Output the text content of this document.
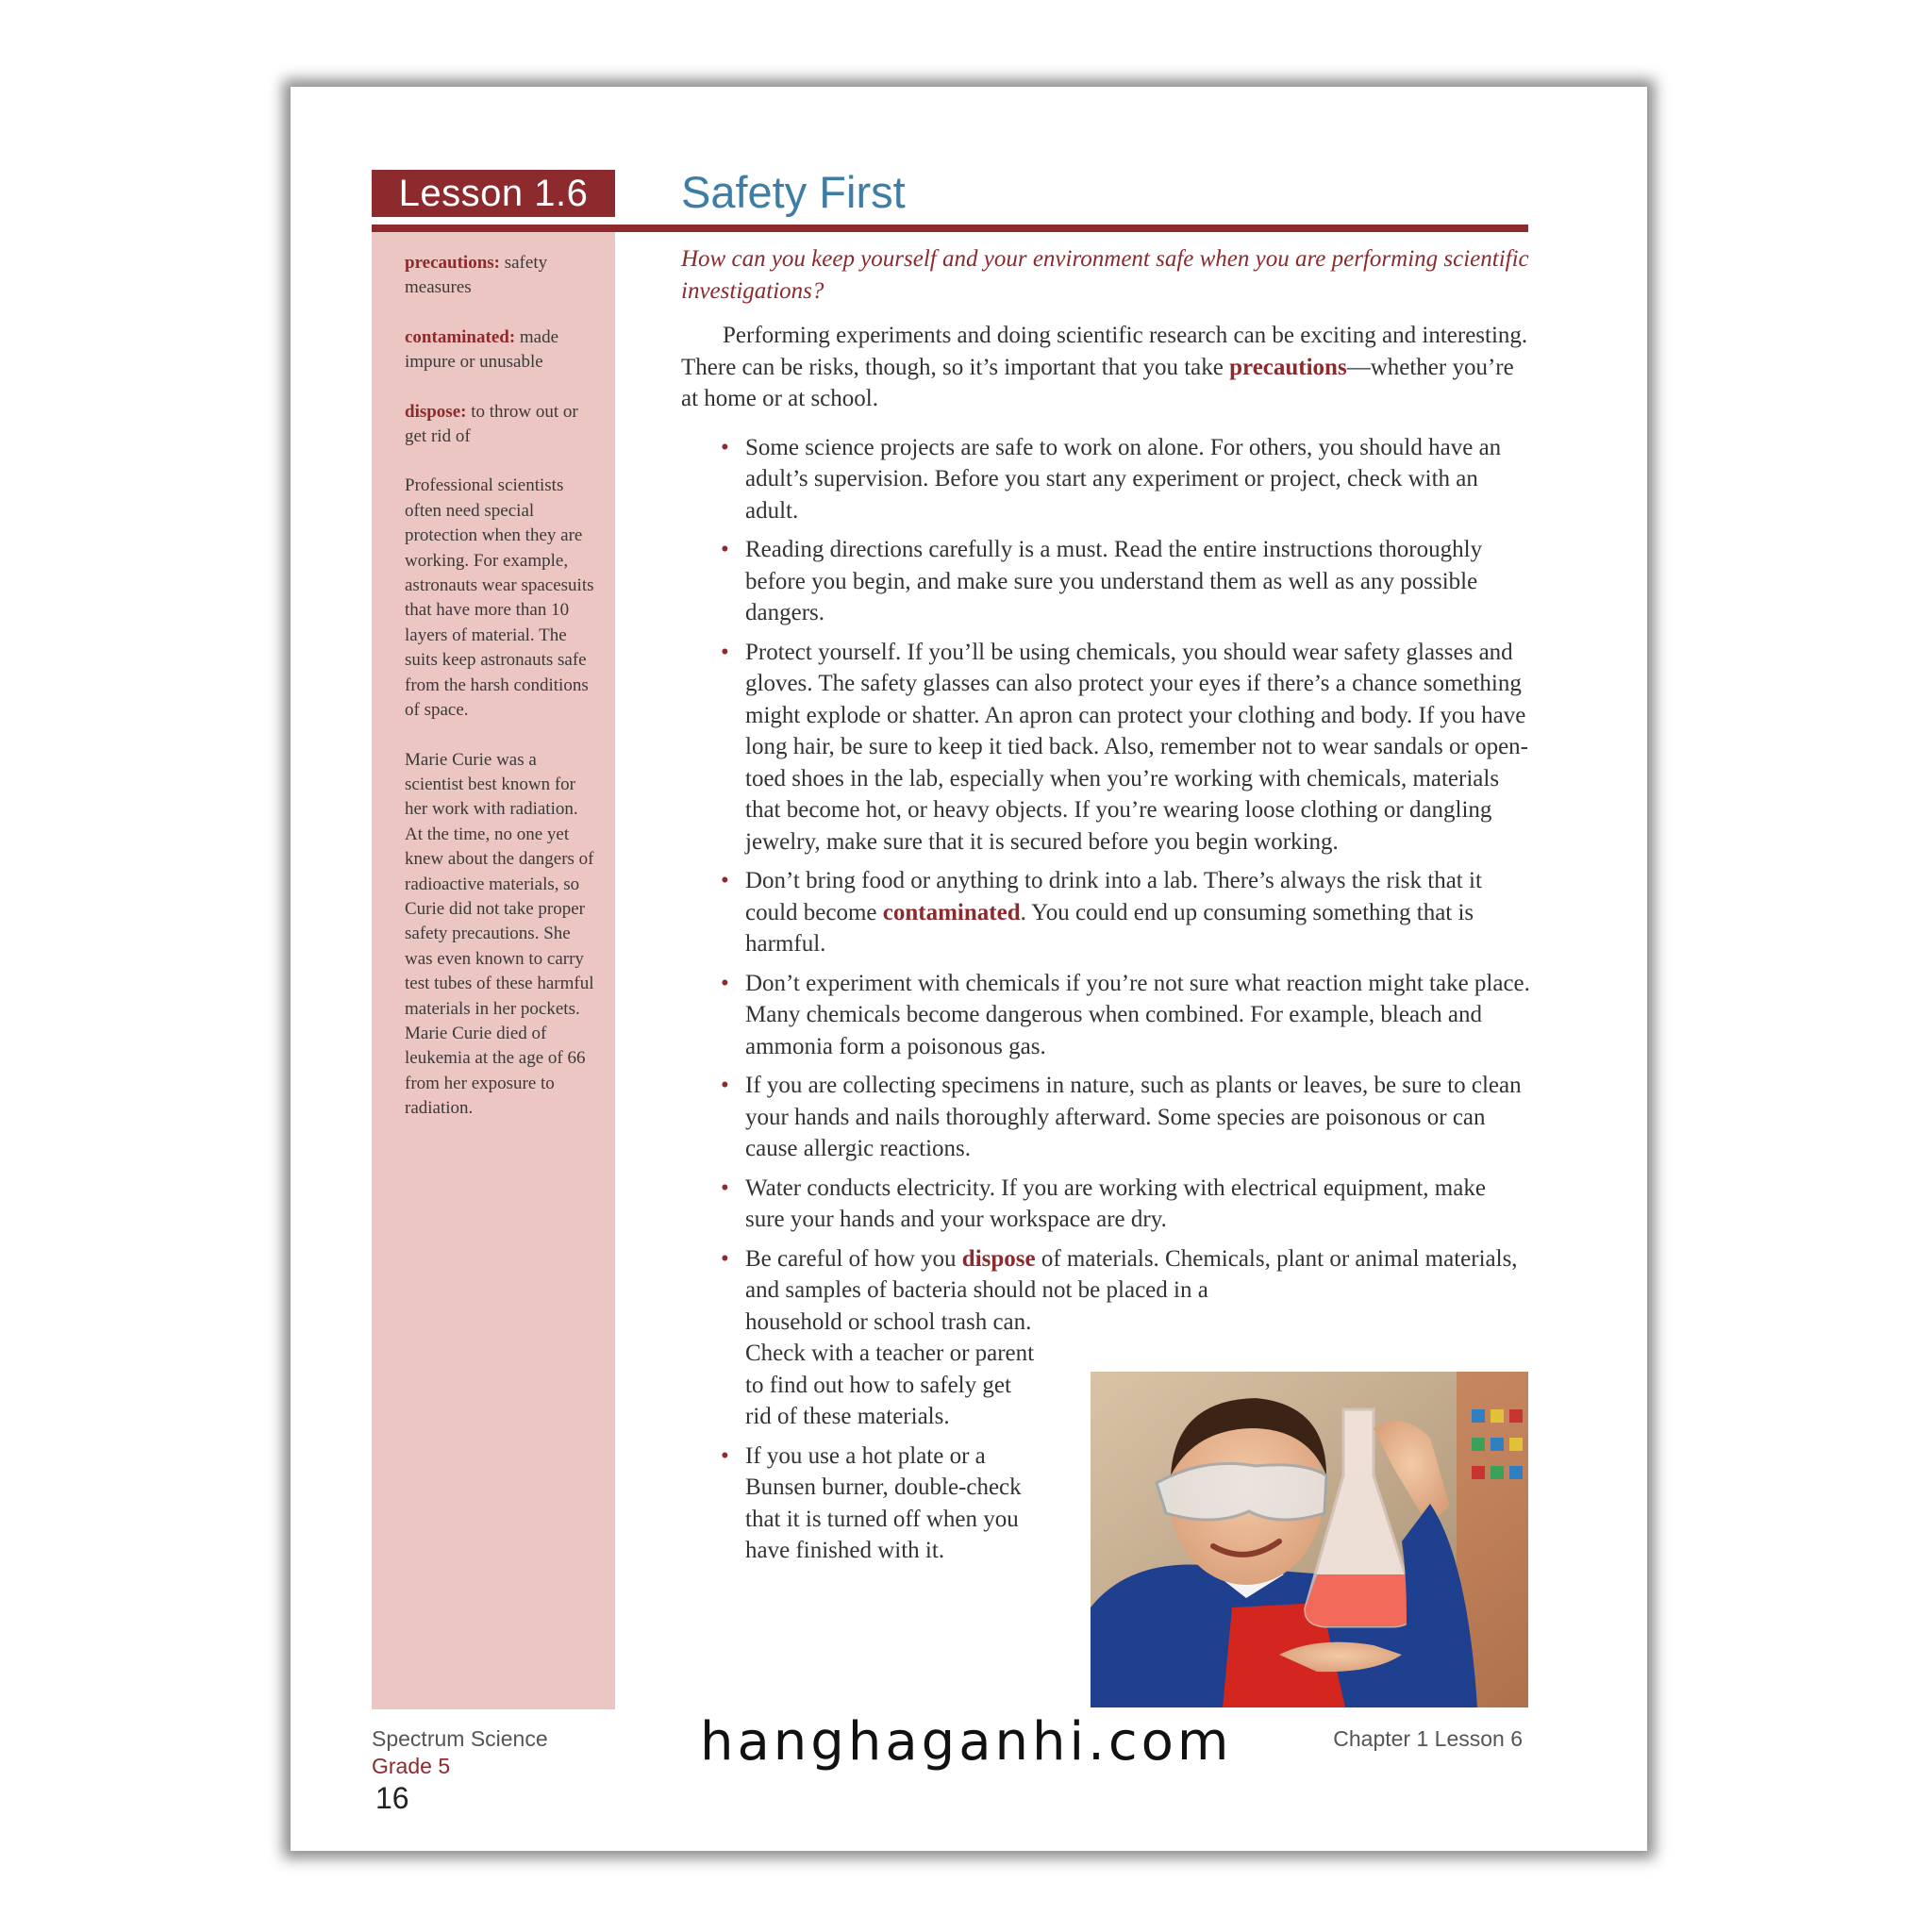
Lesson 1.6	Safety First

precautions: safety measures

contaminated: made impure or unusable

dispose: to throw out or get rid of

Professional scientists often need special protection when they are working. For example, astronauts wear spacesuits that have more than 10 layers of material. The suits keep astronauts safe from the harsh conditions of space.

Marie Curie was a scientist best known for her work with radiation. At the time, no one yet knew about the dangers of radioactive materials, so Curie did not take proper safety precautions. She was even known to carry test tubes of these harmful materials in her pockets. Marie Curie died of leukemia at the age of 66 from her exposure to radiation.

How can you keep yourself and your environment safe when you are performing scientific investigations?

Performing experiments and doing scientific research can be exciting and interesting. There can be risks, though, so it’s important that you take precautions—whether you’re at home or at school.

• Some science projects are safe to work on alone. For others, you should have an adult’s supervision. Before you start any experiment or project, check with an adult.
• Reading directions carefully is a must. Read the entire instructions thoroughly before you begin, and make sure you understand them as well as any possible dangers.
• Protect yourself. If you’ll be using chemicals, you should wear safety glasses and gloves. The safety glasses can also protect your eyes if there’s a chance something might explode or shatter. An apron can protect your clothing and body. If you have long hair, be sure to keep it tied back. Also, remember not to wear sandals or open-toed shoes in the lab, especially when you’re working with chemicals, materials that become hot, or heavy objects. If you’re wearing loose clothing or dangling jewelry, make sure that it is secured before you begin working.
• Don’t bring food or anything to drink into a lab. There’s always the risk that it could become contaminated. You could end up consuming something that is harmful.
• Don’t experiment with chemicals if you’re not sure what reaction might take place. Many chemicals become dangerous when combined. For example, bleach and ammonia form a poisonous gas.
• If you are collecting specimens in nature, such as plants or leaves, be sure to clean your hands and nails thoroughly afterward. Some species are poisonous or can cause allergic reactions.
• Water conducts electricity. If you are working with electrical equipment, make sure your hands and your workspace are dry.
• Be careful of how you dispose of materials. Chemicals, plant or animal materials, and samples of bacteria should not be placed in a

household or school trash can. Check with a teacher or parent to find out how to safely get rid of these materials.
• If you use a hot plate or a Bunsen burner, double-check that it is turned off when you have finished with it.
Spectrum Science
Grade 5
16
Chapter 1 Lesson 6
hanghaganhi.com
